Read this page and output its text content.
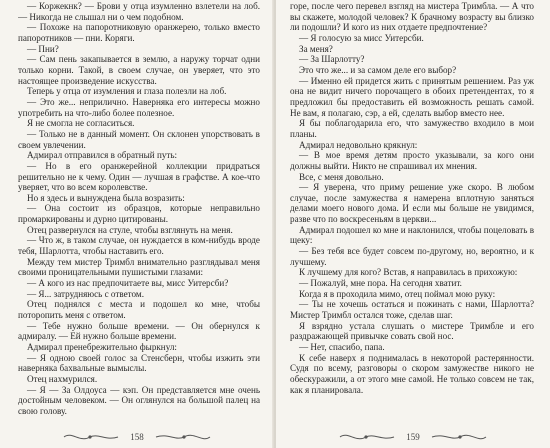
— Коржекнк? — Брови у отца изумленно взлетели на лоб. — Никогда не слышал ни о чем подобном.

— Похоже на папоротниковую оранжерею, только вместо папоротников — пни. Коряги.

— Пни?

— Сам пень закапывается в землю, а наружу торчат одни только корни. Такой, в своем случае, он уверяет, что это настоящее произведение искусства.

Теперь у отца от изумления и глаза полезли на лоб.

— Это же... неприлично. Наверняка его интересы можно употребить на что-либо более полезное.

Я не смогла не согласиться.

— Только не в данный момент. Он склонен упорствовать в своем увлечении.

Адмирал отправился в обратный путь:

— Но в его оранжерейной коллекции придраться решительно не к чему. Один — лучшая в графстве. А кое-что уверяет, что во всем королевстве.

Но я здесь и вынуждена была возразить:

— Она состоит из образцов, которые неправильно промаркированы и дурно цитированы.

Отец развернулся на стуле, чтобы взглянуть на меня.

— Что ж, в таком случае, он нуждается в ком-нибудь вроде тебя, Шарлотта, чтобы наставить его.

Между тем мистер Тримбл внимательно разглядывал меня своими проницательными пушистыми глазами:

— А кого из нас предпочитаете вы, мисс Уитерсби?

— Я... затрудняюсь с ответом.

Отец поднялся с места и подошел ко мне, чтобы поторопить меня с ответом.

— Тебе нужно больше времени. — Он обернулся к адмиралу. — Ей нужно больше времени.

Адмирал пренебрежительно фыркнул:

— Я одною своей голос за Стенсберн, чтобы изжить эти наверняка бахвальные вымыслы.

Отец нахмурился.

— Я — За Олдоуса — кэп. Он представляется мне очень достойным человеком. — Он оглянулся на большой палец на свою голову.

158

горе, после чего перевел взгляд на мистера Тримбла. — А что вы скажете, молодой человек? К брачному возрасту вы близко ли подошли? И кого из них отдаете предпочтение?

— Я голосую за мисс Уитерсби.

За меня?

— За Шарлотту?

Это что же... и за самом деле его выбор?

— Именно ей придется жить с принятым решением. Раз уж она не видит ничего порочащего в обоих претендентах, то я предложил бы предоставить ей возможность решать самой. Не вам, я полагаю, сэр, а ей, сделать выбор вместо нее.

Я бы поблагодарила его, что замужество входило в мои планы.

Адмирал недовольно крякнул:

— В мое время детям просто указывали, за кого они должны выйти. Никто не спрашивал их мнения.

Все, с меня довольно.

— Я уверена, что приму решение уже скоро. В любом случае, после замужества я намерена вплотную заняться делами моего нового дома. И если мы больше не увидимся, разве что по воскресеньям в церкви...

Адмирал подошел ко мне и наклонился, чтобы поцеловать в щеку:

— Без тебя все будет совсем по-другому, но, вероятно, и к лучшему.

К лучшему для кого? Встав, я направилась в прихожую:

— Пожалуй, мне пора. На сегодня хватит.

Когда я в проходила мимо, отец поймал мою руку:

— Ты не хочешь остаться и пожинать с нами, Шарлотта? Мистер Тримбл остался тоже, сделав шаг.

Я взрядно устала слушать о мистере Тримбле и его раздражающей привычке совать свой нос.

— Нет, спасибо, папа.

К себе наверх я поднималась в некоторой растерянности. Судя по всему, разговоры о скором замужестве никого не обескуражили, а от этого мне самой. Не только совсем не так, как я планировала.

159
